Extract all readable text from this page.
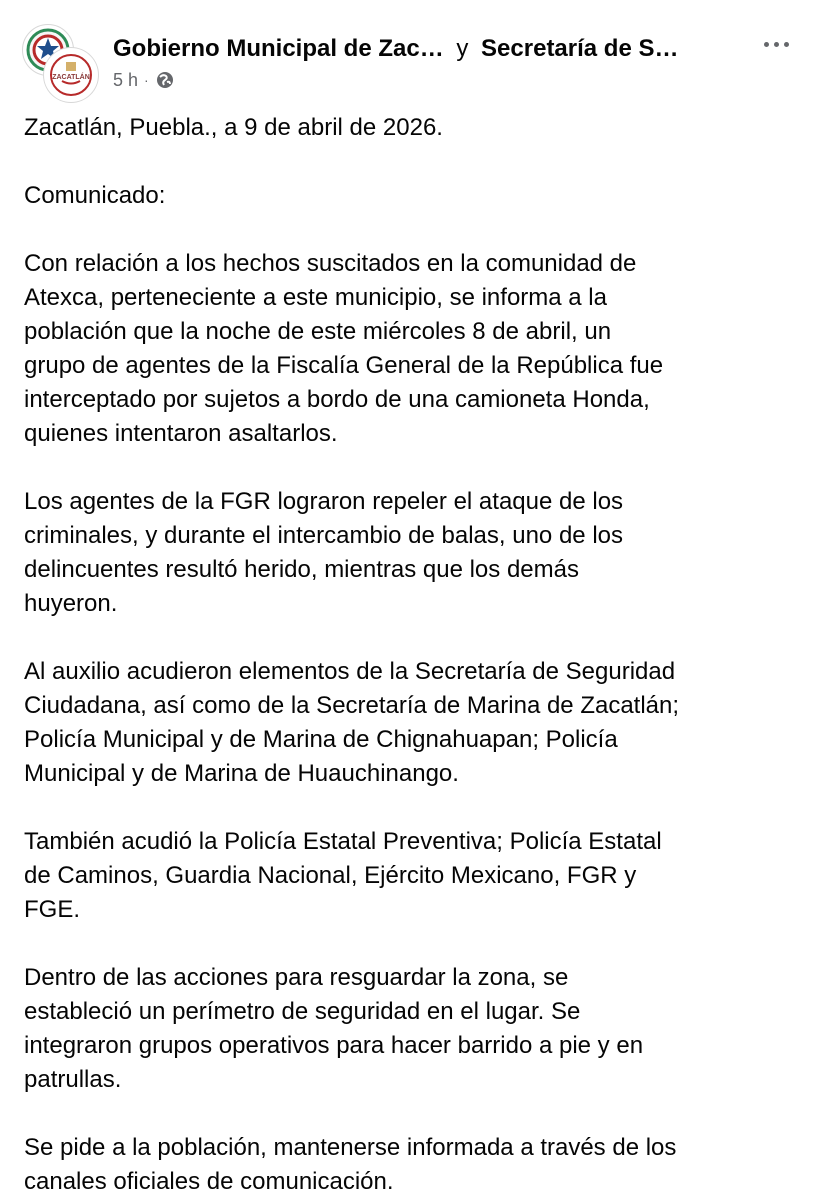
ZACATLÁN
Gobierno Municipal de Zac… y Secretaría de S…
5 h ·
Zacatlán, Puebla., a 9 de abril de 2026.
Comunicado:
Con relación a los hechos suscitados en la comunidad de
Atexca, perteneciente a este municipio, se informa a la
población que la noche de este miércoles 8 de abril, un
grupo de agentes de la Fiscalía General de la República fue
interceptado por sujetos a bordo de una camioneta Honda,
quienes intentaron asaltarlos.
Los agentes de la FGR lograron repeler el ataque de los
criminales, y durante el intercambio de balas, uno de los
delincuentes resultó herido, mientras que los demás
huyeron.
Al auxilio acudieron elementos de la Secretaría de Seguridad
Ciudadana, así como de la Secretaría de Marina de Zacatlán;
Policía Municipal y de Marina de Chignahuapan; Policía
Municipal y de Marina de Huauchinango.
También acudió la Policía Estatal Preventiva; Policía Estatal
de Caminos, Guardia Nacional, Ejército Mexicano, FGR y
FGE.
Dentro de las acciones para resguardar la zona, se
estableció un perímetro de seguridad en el lugar. Se
integraron grupos operativos para hacer barrido a pie y en
patrullas.
Se pide a la población, mantenerse informada a través de los
canales oficiales de comunicación.
